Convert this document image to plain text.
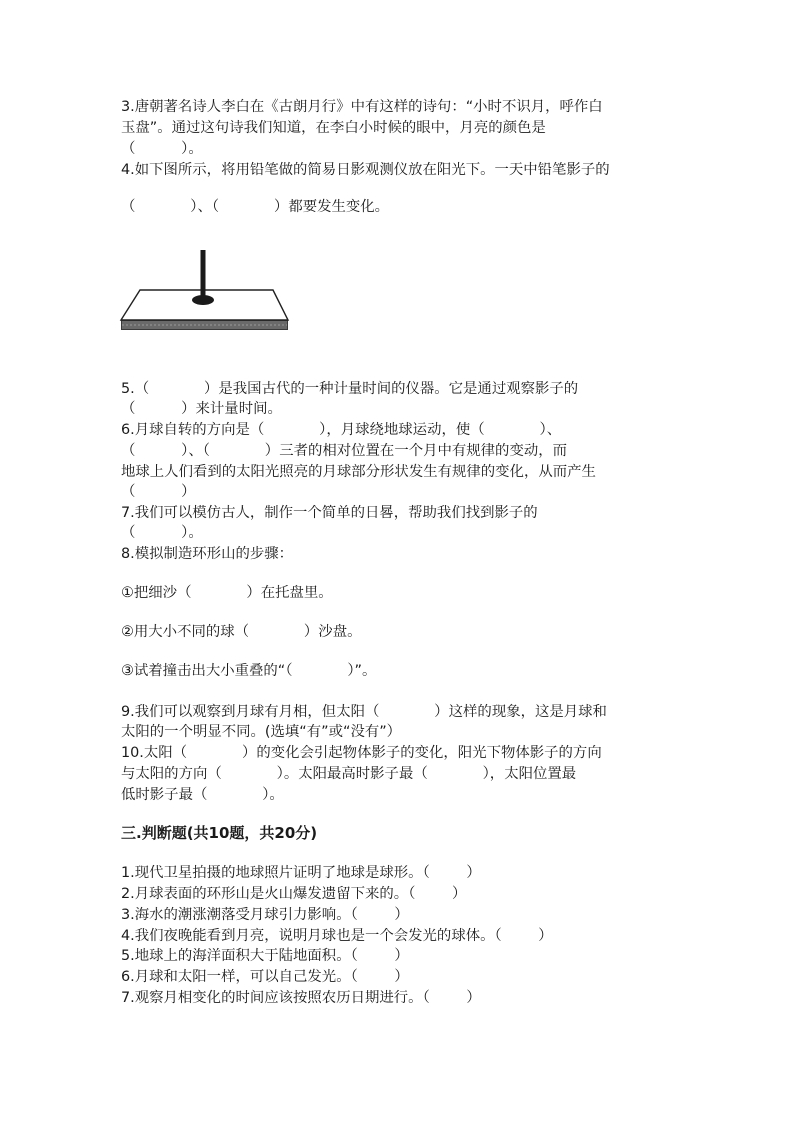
3.唐朝著名诗人李白在《古朗月行》中有这样的诗句：“小时不识月，呼作白

玉盘”。通过这句诗我们知道，在李白小时候的眼中，月亮的颜色是

（          ）。

4.如下图所示，将用铅笔做的简易日影观测仪放在阳光下。一天中铅笔影子的

（            ）、（            ）都要发生变化。

5.（            ）是我国古代的一种计量时间的仪器。它是通过观察影子的

（          ）来计量时间。

6.月球自转的方向是（            ），月球绕地球运动，使（            ）、

（          ）、（            ）三者的相对位置在一个月中有规律的变动，而

地球上人们看到的太阳光照亮的月球部分形状发生有规律的变化，从而产生

（          ）

7.我们可以模仿古人，制作一个简单的日晷，帮助我们找到影子的

（          ）。

8.模拟制造环形山的步骤：

①把细沙（            ）在托盘里。

②用大小不同的球（            ）沙盘。

③试着撞击出大小重叠的“（            ）”。

9.我们可以观察到月球有月相，但太阳（            ）这样的现象，这是月球和

太阳的一个明显不同。(选填“有”或“没有”）

10.太阳（            ）的变化会引起物体影子的变化，阳光下物体影子的方向

与太阳的方向（            ）。太阳最高时影子最（            ），太阳位置最

低时影子最（            ）。

三.判断题(共10题，共20分)

1.现代卫星拍摄的地球照片证明了地球是球形。（        ）

2.月球表面的环形山是火山爆发遗留下来的。（        ）

3.海水的潮涨潮落受月球引力影响。（        ）

4.我们夜晚能看到月亮，说明月球也是一个会发光的球体。（        ）

5.地球上的海洋面积大于陆地面积。（        ）

6.月球和太阳一样，可以自己发光。（        ）

7.观察月相变化的时间应该按照农历日期进行。（        ）
